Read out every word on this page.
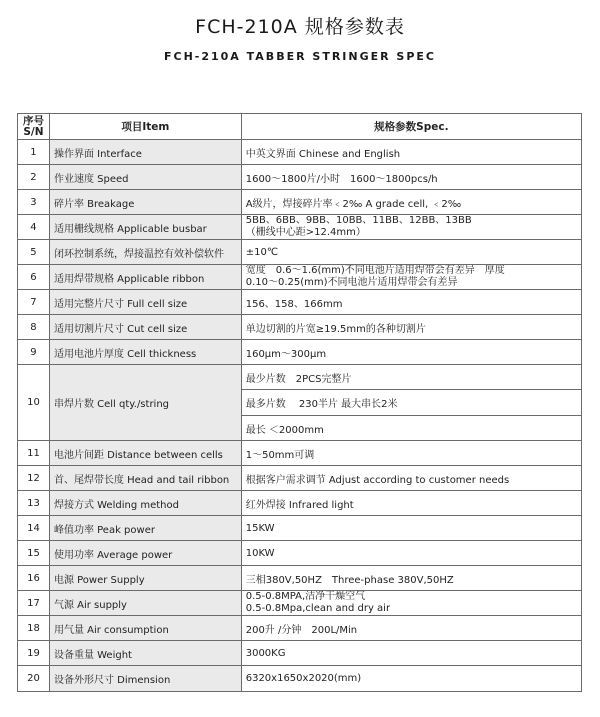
FCH-210A 规格参数表
FCH-210A TABBER STRINGER SPEC
序号
S/N	项目Item	规格参数Spec.
1	操作界面 Interface	中英文界面 Chinese and English

2	作业速度 Speed	1600～1800片/小时　1600～1800pcs/h

3	碎片率 Breakage	A级片，焊接碎片率﹤2‰ A grade cell, ﹤2‰

4	适用栅线规格 Applicable busbar	5BB、6BB、9BB、10BB、11BB、12BB、13BB
（栅线中心距>12.4mm）

5	闭环控制系统，焊接温控有效补偿软件	±10℃

6	适用焊带规格 Applicable ribbon	宽度　0.6～1.6(mm)不同电池片适用焊带会有差异　厚度
0.10～0.25(mm)不同电池片适用焊带会有差异

7	适用完整片尺寸 Full cell size	156、158、166mm

8	适用切割片尺寸 Cut cell size	单边切割的片宽≥19.5mm的各种切割片

9	适用电池片厚度 Cell thickness	160μm～300μm

10	串焊片数 Cell qty./string	最少片数　2PCS完整片
		最多片数　 230半片 最大串长2米
		最长 ＜2000mm
11	电池片间距 Distance between cells	1～50mm可调

12	首、尾焊带长度 Head and tail ribbon	根据客户需求调节 Adjust according to customer needs

13	焊接方式 Welding method	红外焊接 Infrared light

14	峰值功率 Peak power	15KW

15	使用功率 Average power	10KW

16	电源 Power Supply	三相380V,50HZ　Three-phase 380V,50HZ

17	气源 Air supply	0.5-0.8MPA,洁净干燥空气
0.5-0.8Mpa,clean and dry air

18	用气量 Air consumption	200升 /分钟　200L/Min

19	设备重量 Weight	3000KG

20	设备外形尺寸 Dimension	6320x1650x2020(mm)
